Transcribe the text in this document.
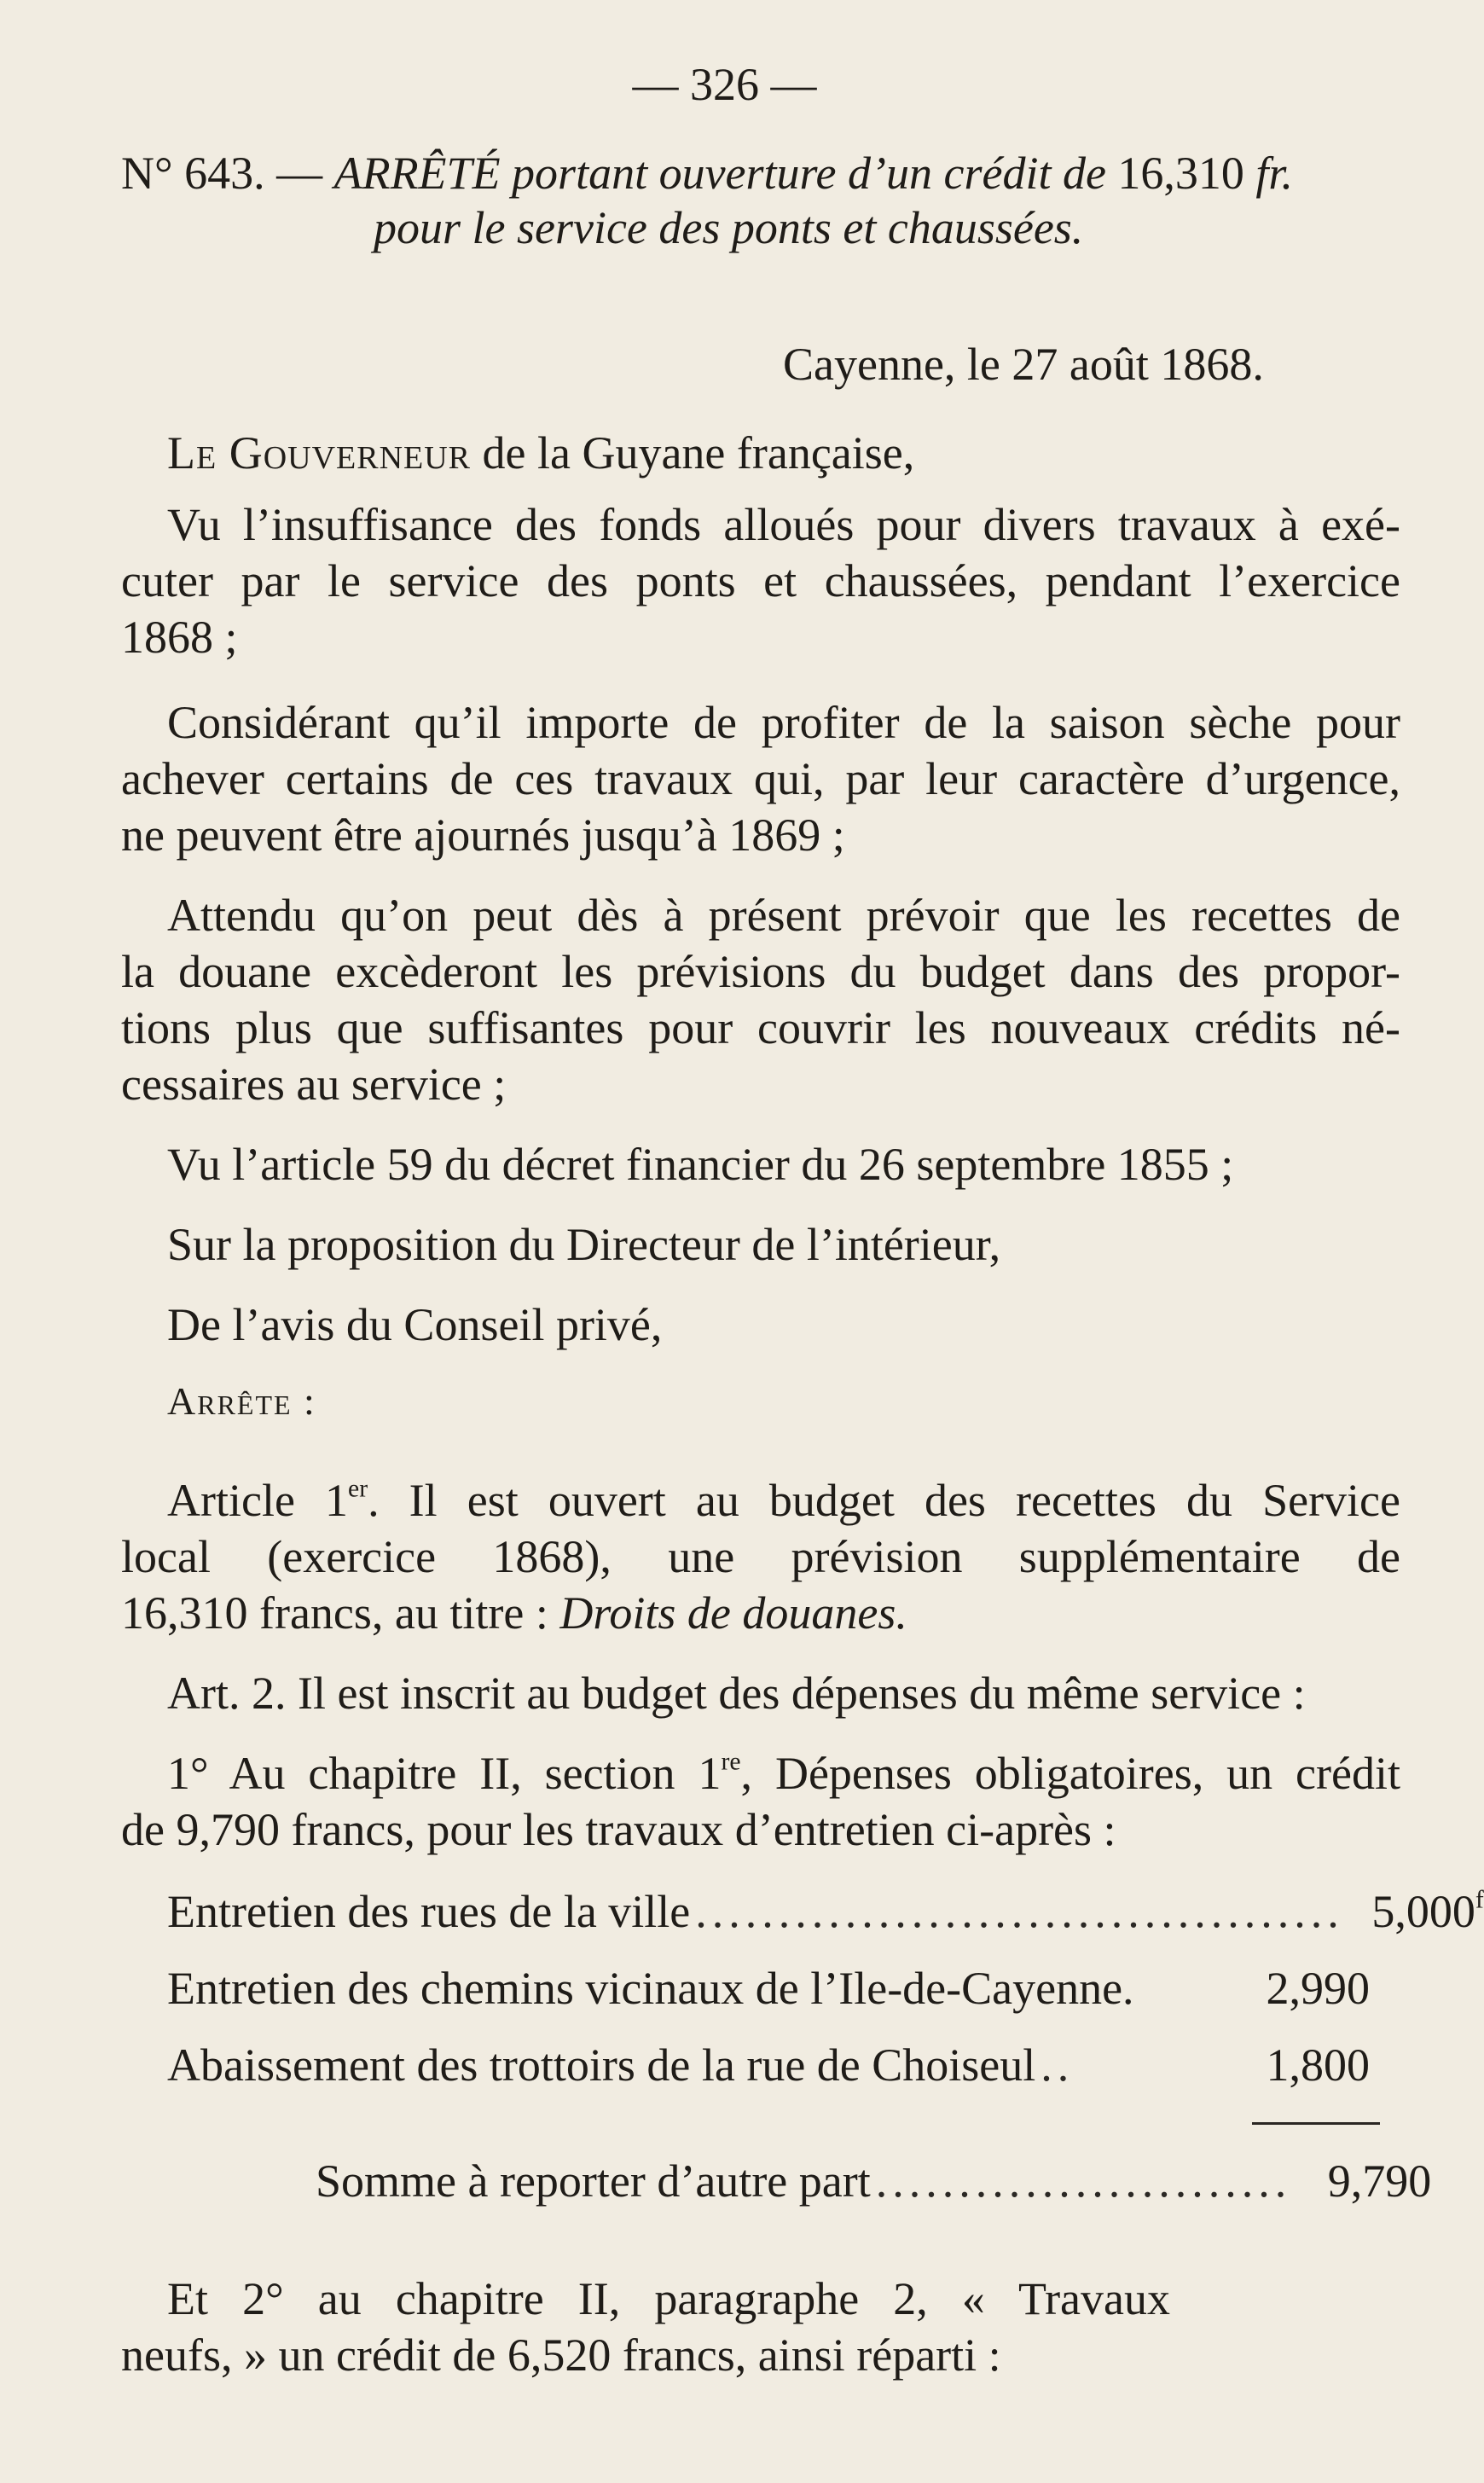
— 326 —
N° 643. — ARRÊTÉ portant ouverture d’un crédit de 16,310 fr.
pour le service des ponts et chaussées.
Cayenne, le 27 août 1868.
Le Gouverneur de la Guyane française,
Vu l’insuffisance des fonds alloués pour divers travaux à exé-
cuter par le service des ponts et chaussées, pendant l’exercice
1868 ;
Considérant qu’il importe de profiter de la saison sèche pour
achever certains de ces travaux qui, par leur caractère d’urgence,
ne peuvent être ajournés jusqu’à 1869 ;
Attendu qu’on peut dès à présent prévoir que les recettes de
la douane excèderont les prévisions du budget dans des propor-
tions plus que suffisantes pour couvrir les nouveaux crédits né-
cessaires au service ;
Vu l’article 59 du décret financier du 26 septembre 1855 ;
Sur la proposition du Directeur de l’intérieur,
De l’avis du Conseil privé,
Arrête :
Article 1er. Il est ouvert au budget des recettes du Service
local (exercice 1868), une prévision supplémentaire de
16,310 francs, au titre : Droits de douanes.
Art. 2. Il est inscrit au budget des dépenses du même service :
1° Au chapitre II, section 1re, Dépenses obligatoires, un crédit
de 9,790 francs, pour les travaux d’entretien ci-après :
Entretien des rues de la ville ....................................... 5,000$^f$
Entretien des chemins vicinaux de l’Ile-de-Cayenne.	2,990
Abaissement des trottoirs de la rue de Choiseul ..	1,800
Somme à reporter d’autre part ......................... 9,790
Et 2° au chapitre II, paragraphe 2, « Travaux
neufs, » un crédit de 6,520 francs, ainsi réparti :
